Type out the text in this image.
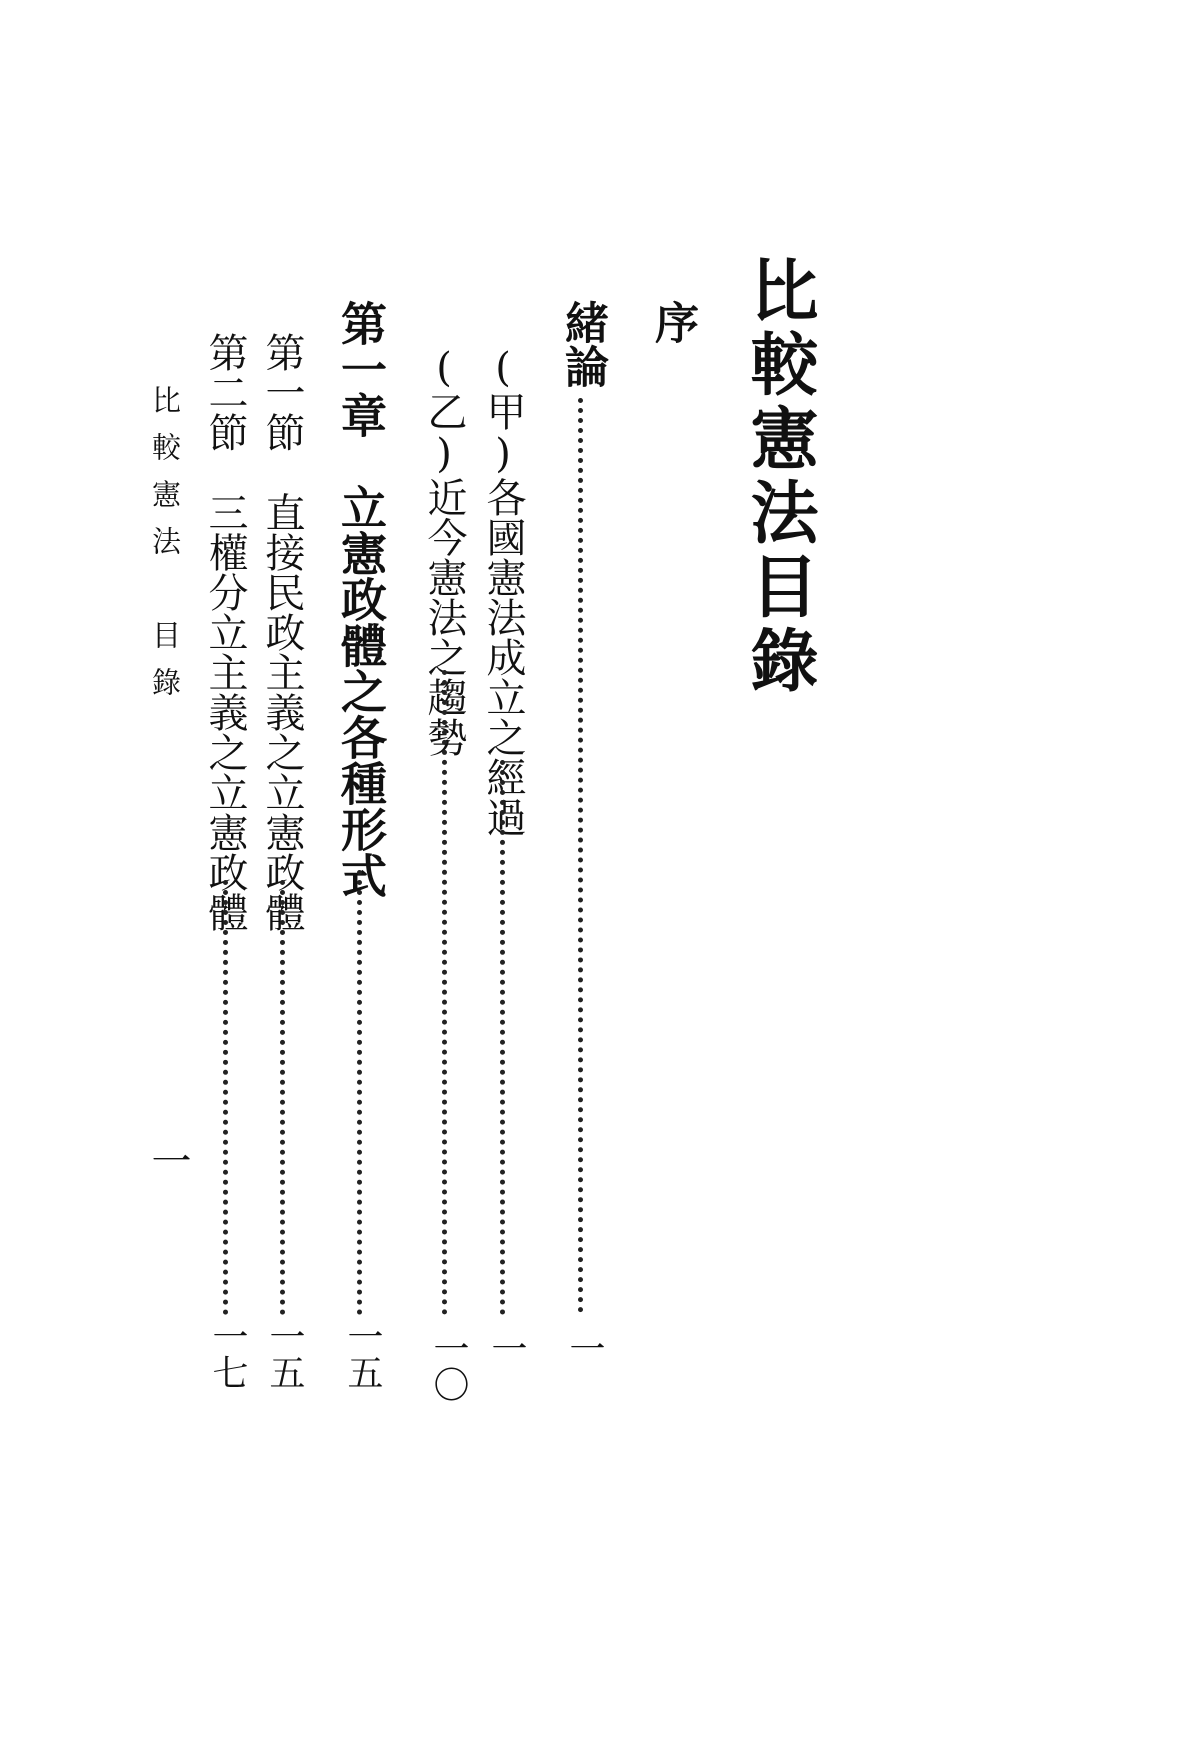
比較憲法目錄
序
緒論
一
(甲)各國憲法成立之經過
一
(乙)近今憲法之趨勢
一〇
第一章　立憲政體之各種形式
一五
第一節　直接民政主義之立憲政體
一五
第二節　三權分立主義之立憲政體
一七
比較憲法　目錄
一
